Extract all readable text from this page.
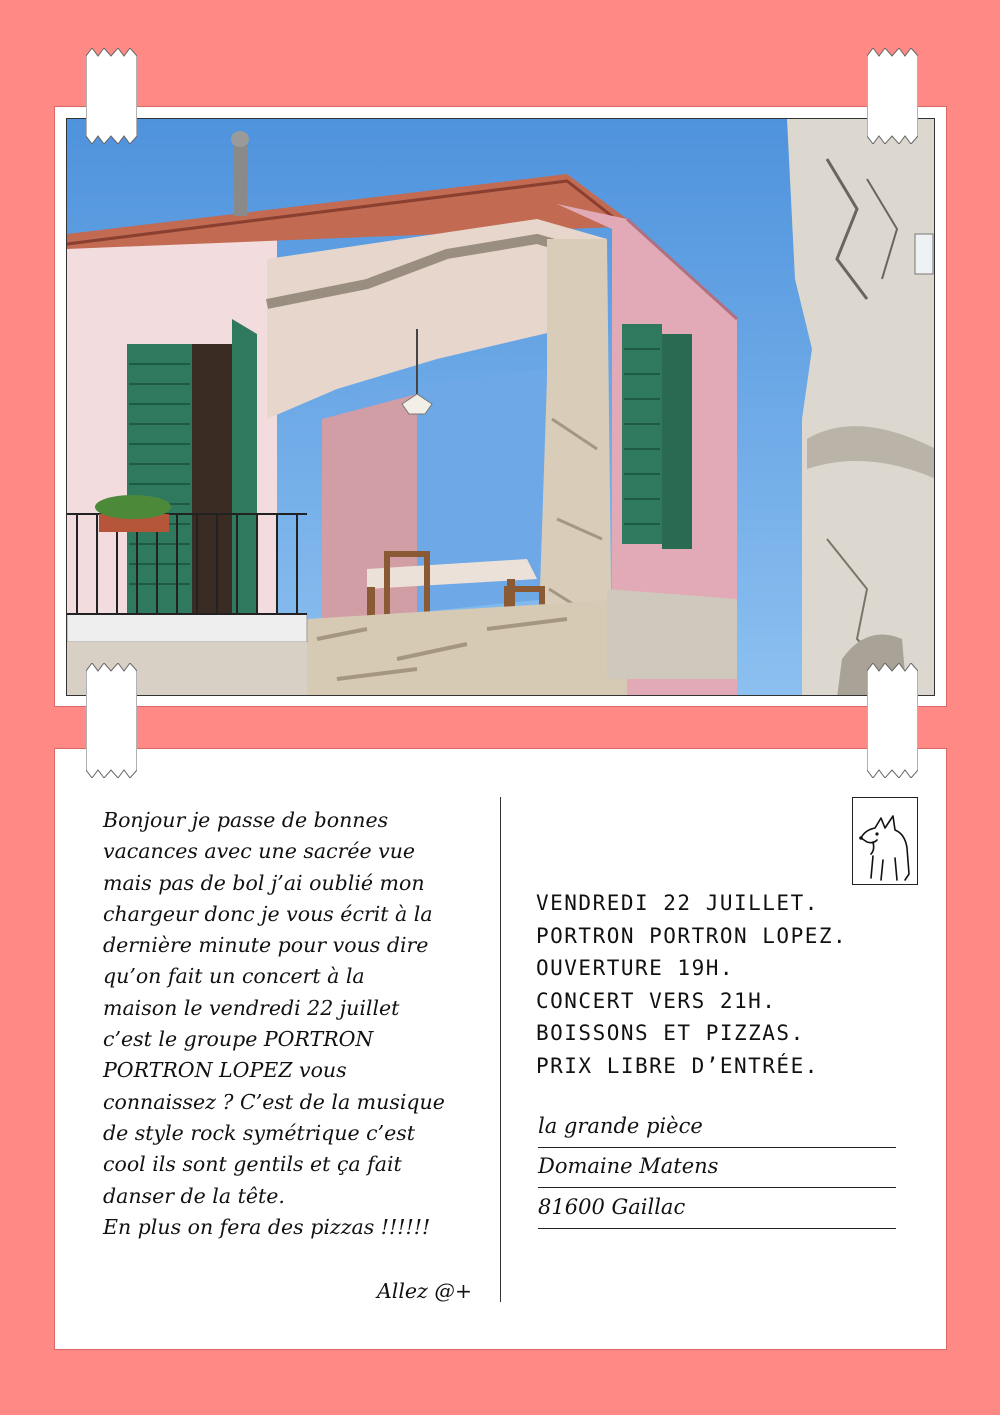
Bonjour je passe de bonnes

vacances avec une sacrée vue

mais pas de bol j’ai oublié mon

chargeur donc je vous écrit à la

dernière minute pour vous dire

qu’on fait un concert à la

maison le vendredi 22 juillet

c’est le groupe PORTRON

PORTRON LOPEZ vous

connaissez ? C’est de la musique

de style rock symétrique c’est

cool ils sont gentils et ça fait

danser de la tête.

En plus on fera des pizzas !!!!!!

Allez @+
VENDREDI 22 JUILLET.
PORTRON PORTRON LOPEZ.
OUVERTURE 19H.
CONCERT VERS 21H.
BOISSONS ET PIZZAS.
PRIX LIBRE D’ENTRÉE.
la grande pièce
Domaine Matens
81600 Gaillac
